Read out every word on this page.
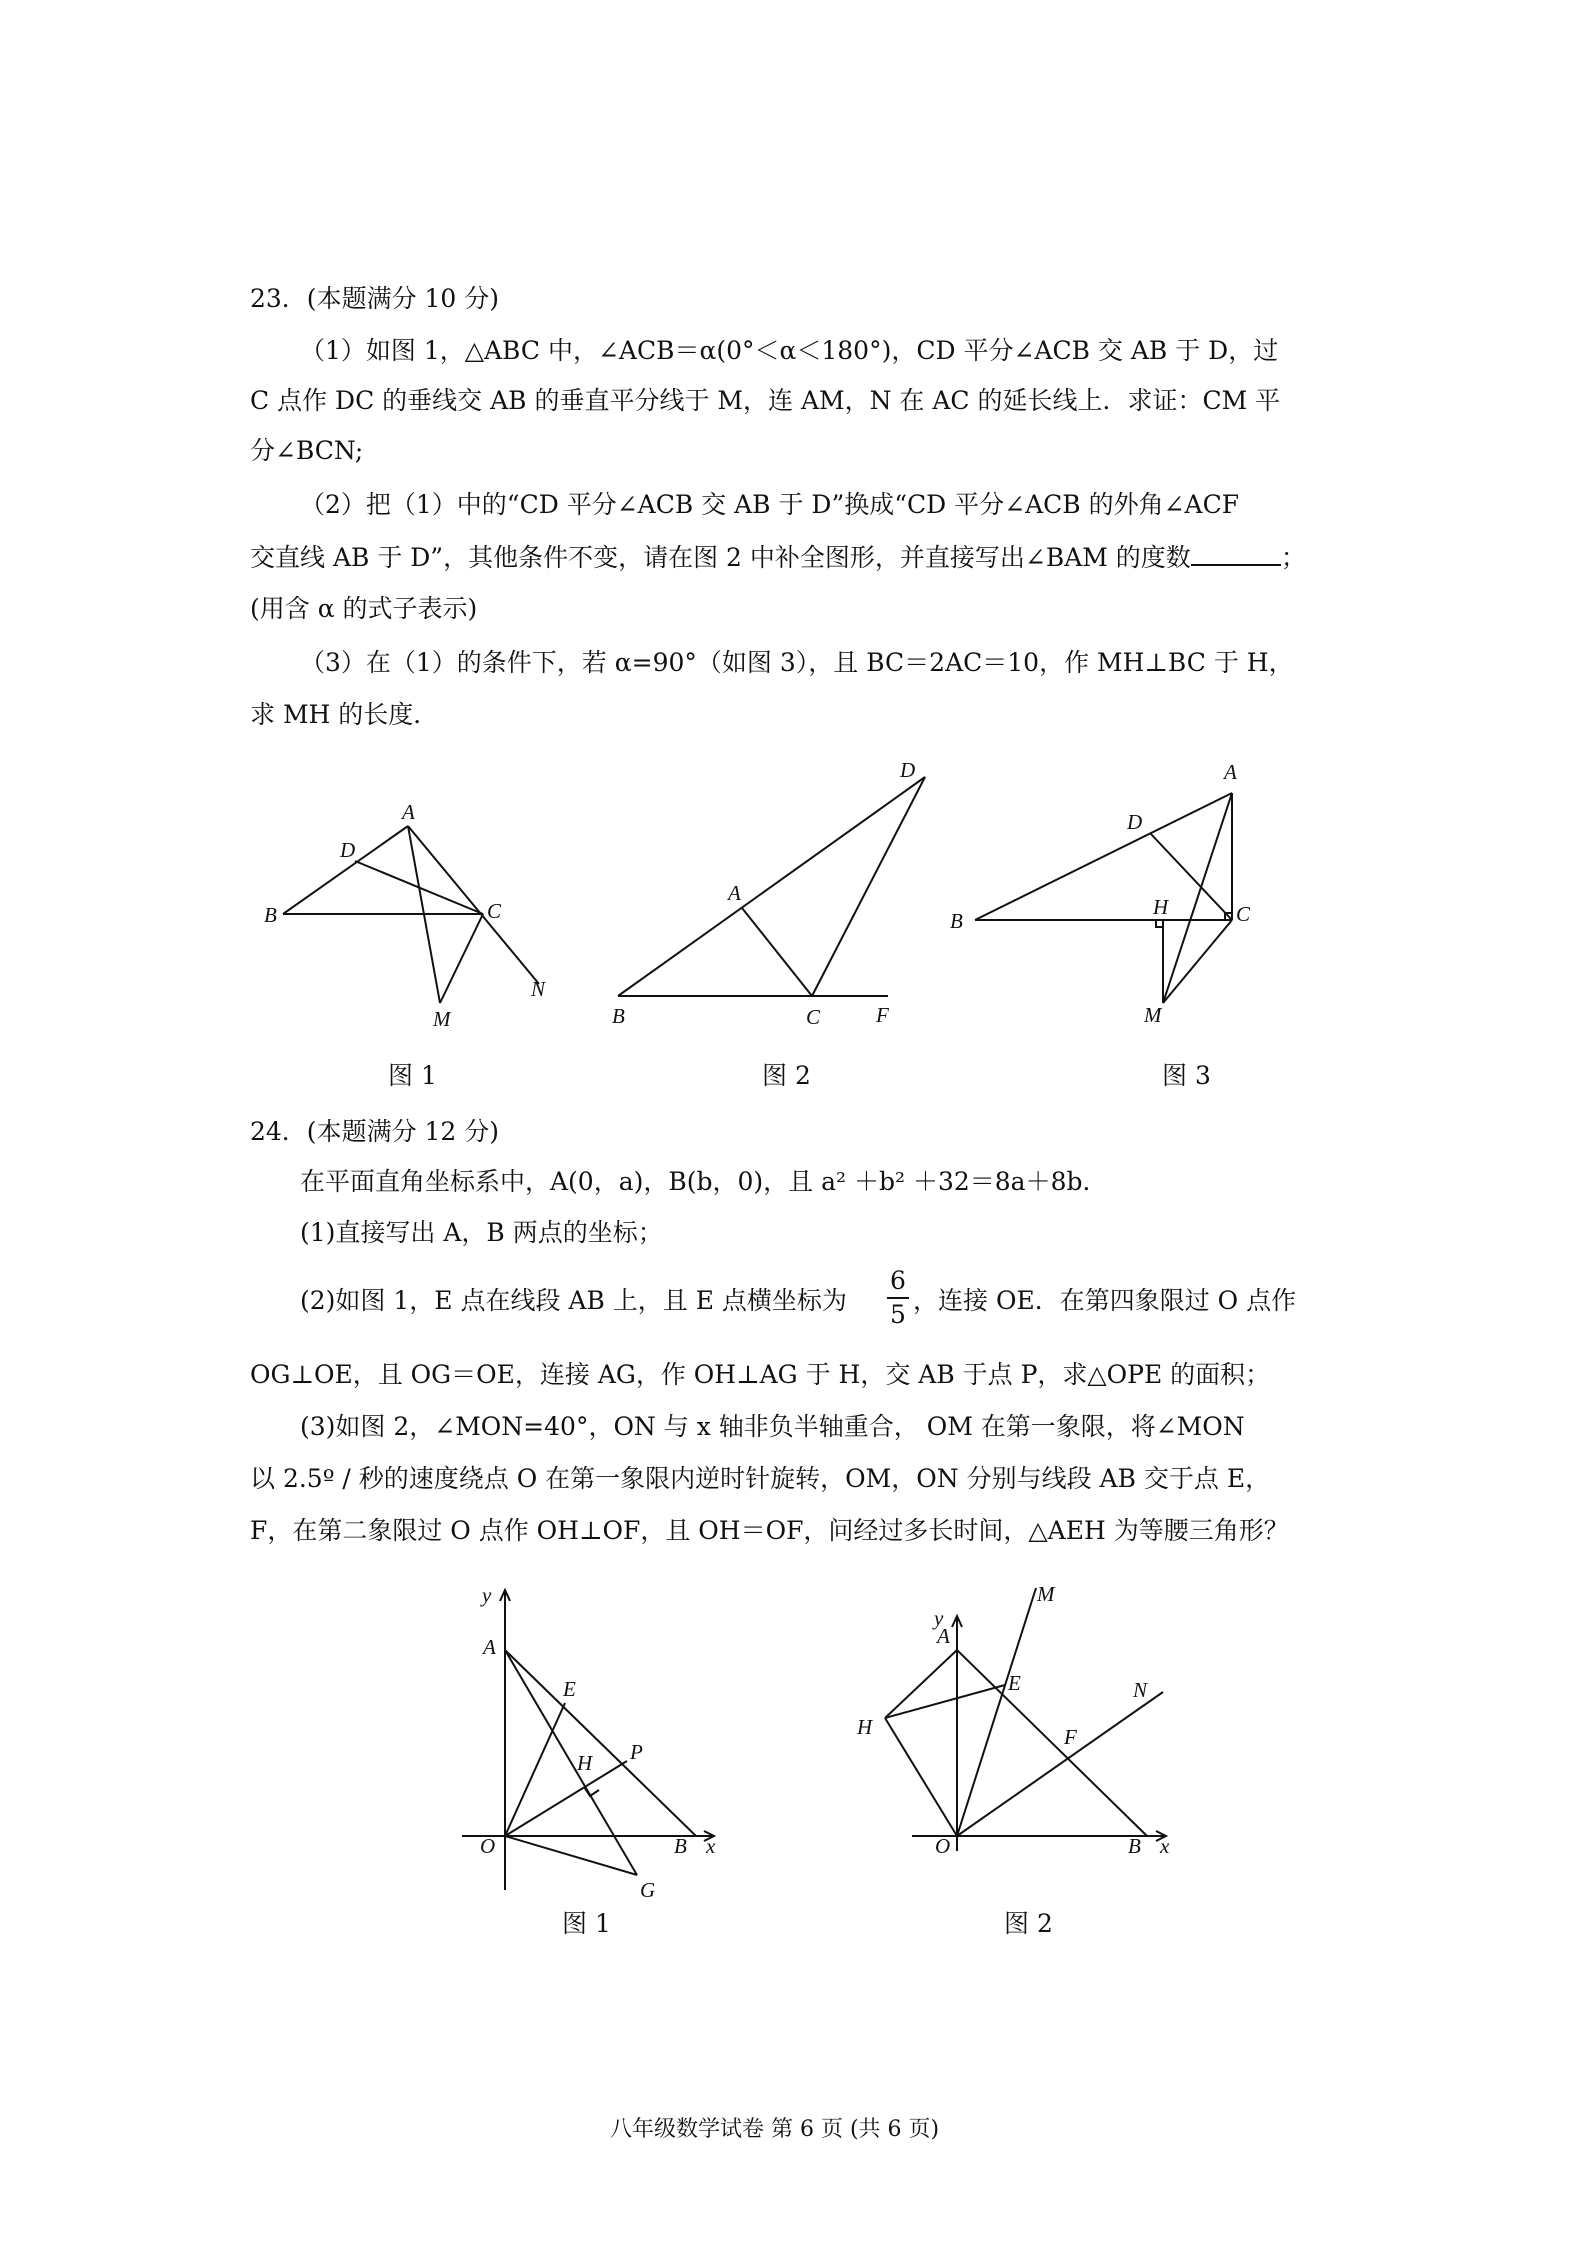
23．(本题满分 10 分)
（1）如图 1，△ABC 中，∠ACB＝α(0°＜α＜180°)，CD 平分∠ACB 交 AB 于 D，过
C 点作 DC 的垂线交 AB 的垂直平分线于 M，连 AM，N 在 AC 的延长线上．求证：CM 平
分∠BCN;
（2）把（1）中的“CD 平分∠ACB 交 AB 于 D”换成“CD 平分∠ACB 的外角∠ACF
交直线 AB 于 D”，其他条件不变，请在图 2 中补全图形，并直接写出∠BAM 的度数	；
(用含 α 的式子表示)
（3）在（1）的条件下，若 α=90°（如图 3），且 BC＝2AC＝10，作 MH⊥BC 于 H，
求 MH 的长度．
A
D
B	C
M
N
D
A
B	C	F
A
D
B
H	C
M
图 1	图 2	图 3
24．(本题满分 12 分)
在平面直角坐标系中，A(0，a)，B(b，0)，且 a² ＋b² ＋32＝8a＋8b．
(1)直接写出 A，B 两点的坐标；
(2)如图 1，E 点在线段 AB 上，且 E 点横坐标为
6
5 ，连接 OE．在第四象限过 O 点作
OG⊥OE，且 OG＝OE，连接 AG，作 OH⊥AG 于 H，交 AB 于点 P，求△OPE 的面积；
(3)如图 2，∠MON=40°，ON 与 x 轴非负半轴重合， OM 在第一象限，将∠MON
以 2.5º / 秒的速度绕点 O 在第一象限内逆时针旋转，OM，ON 分别与线段 AB 交于点 E，
F，在第二象限过 O 点作 OH⊥OF，且 OH＝OF，问经过多长时间，△AEH 为等腰三角形？
y
A
E
H P
O	B x
G
y
A
M
E	N
H	F
O	B x
图 1	图 2
八年级数学试卷 第 6 页 (共 6 页)
